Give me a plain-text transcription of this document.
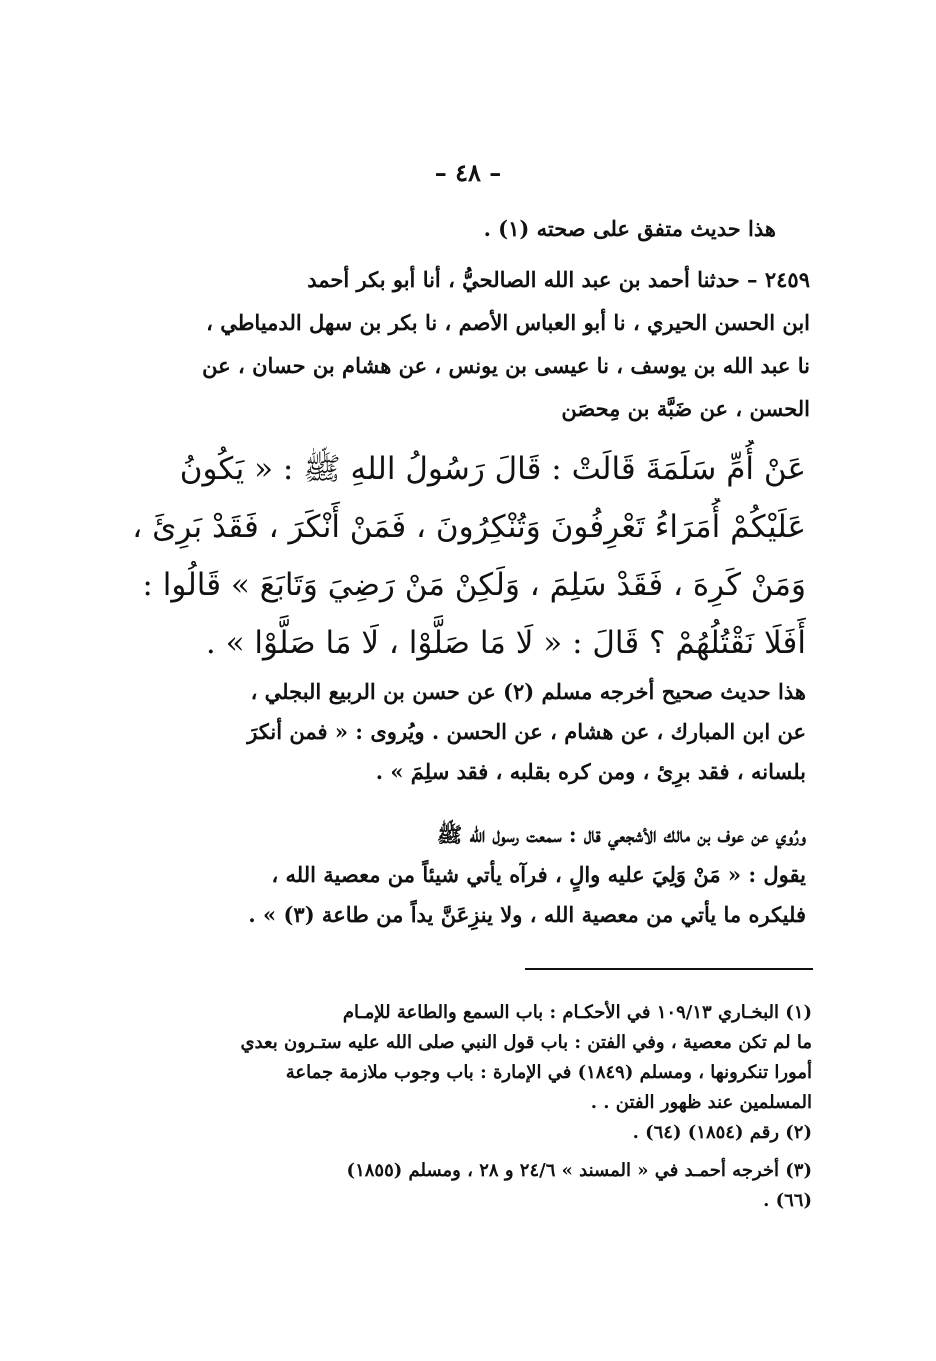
– ٤٨ –
هذا حديث متفق على صحته (١) .
٢٤٥٩ – حدثنا أحمد بن عبد الله الصالحيُّ ، أنا أبو بكر أحمد
ابن الحسن الحيري ، نا أبو العباس الأصم ، نا بكر بن سهل الدمياطي ،
نا عبد الله بن يوسف ، نا عيسى بن يونس ، عن هشام بن حسان ، عن
الحسن ، عن ضَبَّة بن مِحصَن
عَنْ أُمِّ سَلَمَةَ قَالَتْ : قَالَ رَسُولُ اللهِ ﷺ : « يَكُونُ
عَلَيْكُمْ أُمَرَاءُ تَعْرِفُونَ وَتُنْكِرُونَ ، فَمَنْ أَنْكَرَ ، فَقَدْ بَرِئَ ،
وَمَنْ كَرِهَ ، فَقَدْ سَلِمَ ، وَلَكِنْ مَنْ رَضِيَ وَتَابَعَ » قَالُوا :
أَفَلَا نَقْتُلُهُمْ ؟ قَالَ : « لَا مَا صَلَّوْا ، لَا مَا صَلَّوْا » .
هذا حديث صحيح أخرجه مسلم (٢) عن حسن بن الربيع البجلي ،
عن ابن المبارك ، عن هشام ، عن الحسن . ويُروى : « فمن أنكرَ
بلسانه ، فقد برِئ ، ومن كره بقلبه ، فقد سلِمَ » .
ورُوي عن عوف بن مالك الأشجعي قال : سمعت رسول الله ﷺ
يقول : « مَنْ وَلِيَ عليه والٍ ، فرآه يأتي شيئاً من معصية الله ،
فليكره ما يأتي من معصية الله ، ولا ينزِعَنَّ يداً من طاعة (٣) » .
(١) البخـاري ١٠٩/١٣ في الأحكـام : باب السمع والطاعة للإمـام
ما لم تكن معصية ، وفي الفتن : باب قول النبي صلى الله عليه ستـرون بعدي
أمورا تنكرونها ، ومسلم (١٨٤٩) في الإمارة : باب وجوب ملازمة جماعة
المسلمين عند ظهور الفتن . .
(٢) رقم (١٨٥٤) (٦٤) .
(٣) أخرجه أحمـد في « المسند » ٢٤/٦ و ٢٨ ، ومسلم (١٨٥٥)
(٦٦) .
